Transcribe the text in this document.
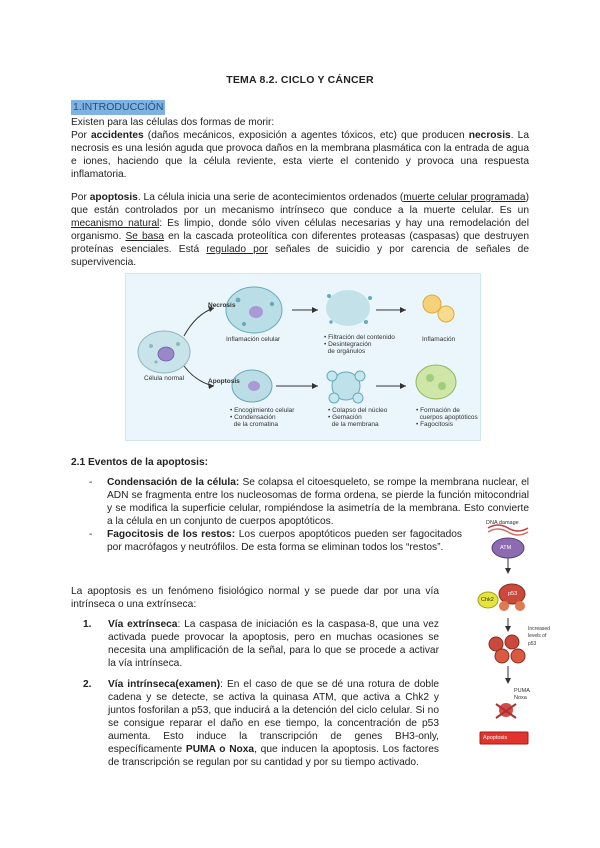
TEMA 8.2. CICLO Y CÁNCER
1.INTRODUCCIÓN

Existen para las células dos formas de morir:

Por accidentes (daños mecánicos, exposición a agentes tóxicos, etc) que producen necrosis. La necrosis es una lesión aguda que provoca daños en la membrana plasmática con la entrada de agua e iones, haciendo que la célula reviente, esta vierte el contenido y provoca una respuesta inflamatoria.

Por apoptosis. La célula inicia una serie de acontecimientos ordenados (muerte celular programada) que están controlados por un mecanismo intrínseco que conduce a la muerte celular. Es un mecanismo natural: Es limpio, donde sólo viven células necesarias y hay una remodelación del organismo. Se basa en la cascada proteolítica con diferentes proteasas (caspasas) que destruyen proteínas esenciales. Está regulado por señales de suicidio y por carencia de señales de supervivencia.

Necrosis
Apoptosis
Célula normal
Inflamación celular	• Filtración del contenido
• Desintegración
de orgánulos
Inflamación
• Encogimiento celular
• Condensación
de la cromatina
• Colapso del núcleo
• Gemación
de la membrana
• Formación de
cuerpos apoptóticos
• Fagocitosis
2.1 Eventos de la apoptosis:
- Condensación de la célula: Se colapsa el citoesqueleto, se rompe la membrana nuclear, el ADN se fragmenta entre los nucleosomas de forma ordena, se pierde la función mitocondrial y se modifica la superficie celular, rompiéndose la asimetría de la membrana. Esto convierte a la célula en un conjunto de cuerpos apoptóticos.
- Fagocitosis de los restos: Los cuerpos apoptóticos pueden ser fagocitados por macrófagos y neutrófilos. De esta forma se eliminan todos los “restos”.
La apoptosis es un fenómeno fisiológico normal y se puede dar por una vía intrínseca o una extrínseca:
1. Vía extrínseca: La caspasa de iniciación es la caspasa-8, que una vez activada puede provocar la apoptosis, pero en muchas ocasiones se necesita una amplificación de la señal, para lo que se procede a activar la vía intrínseca.
2. Vía intrínseca(examen): En el caso de que se dé una rotura de doble cadena y se detecte, se activa la quinasa ATM, que activa a Chk2 y juntos fosforilan a p53, que inducirá a la detención del ciclo celular. Si no se consigue reparar el daño en ese tiempo, la concentración de p53 aumenta. Esto induce la transcripción de genes BH3-only, específicamente PUMA o Noxa, que inducen la apoptosis. Los factores de transcripción se regulan por su cantidad y por su tiempo activado.
DNA damage
ATM
Chk2
p53
Increased
levels of p53
PUMA
Noxa
Apoptosis
